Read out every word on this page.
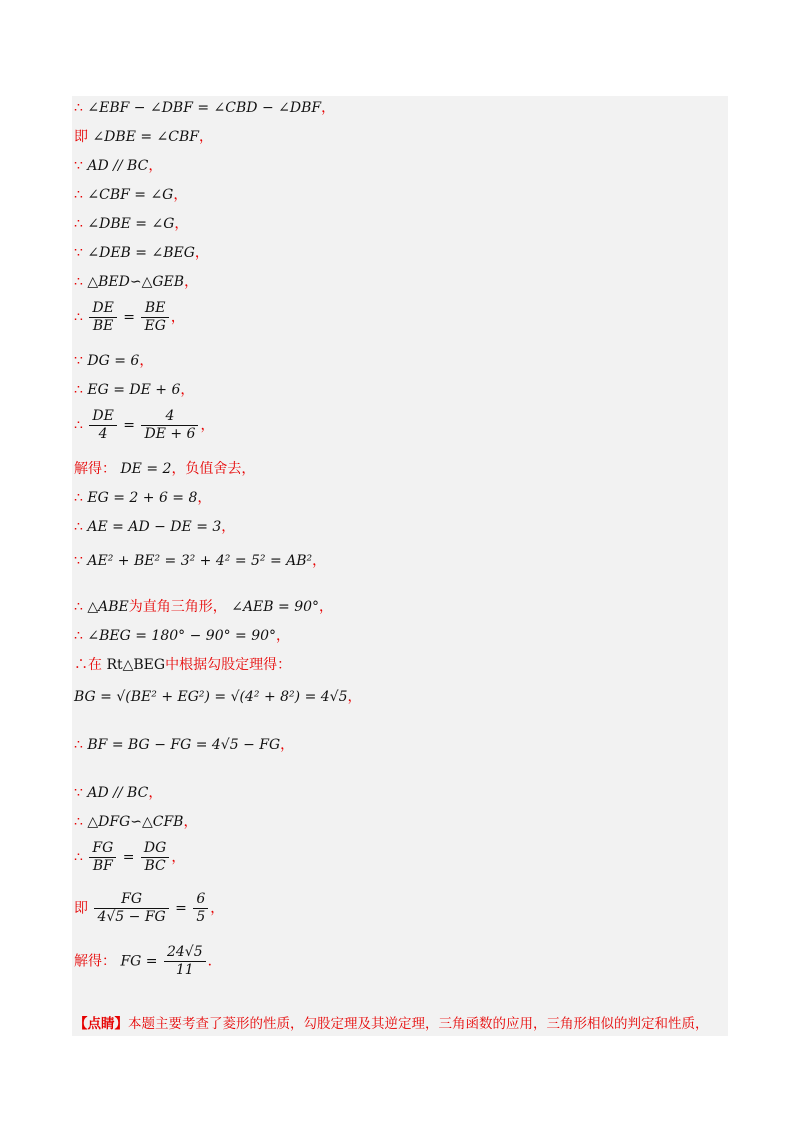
∴ ∠EBF − ∠DBF = ∠CBD − ∠DBF，
即 ∠DBE = ∠CBF，
∵ AD // BC，
∴ ∠CBF = ∠G，
∴ ∠DBE = ∠G，
∵ ∠DEB = ∠BEG，
∴ △BED∽△GEB，
∴ $\frac{DE}{BE} = \frac{BE}{EG}$ ，
∵ DG = 6，
∴ EG = DE + 6，
∴ $\frac{DE}{4} = \frac{4}{DE + 6}$ ，
解得： DE = 2，负值舍去，
∴ EG = 2 + 6 = 8，
∴ AE = AD − DE = 3，
∵ AE² + BE² = 3² + 4² = 5² = AB²，
∴ △ABE为直角三角形， ∠AEB = 90°，
∴ ∠BEG = 180° − 90° = 90°，
∴在 Rt△BEG中根据勾股定理得：
BG = √(BE² + EG²) = √(4² + 8²) = 4√5，
∴ BF = BG − FG = 4√5 − FG，
∵ AD // BC，
∴ △DFG∽△CFB，
∴ $\frac{FG}{BF} = \frac{DG}{BC}$ ，
即 $\frac{FG}{4√5 - FG} = \frac{6}{5}$ ，
解得： FG = $\frac{24√5}{11}$ ．
【点睛】本题主要考查了菱形的性质，勾股定理及其逆定理，三角函数的应用，三角形相似的判定和性质，
